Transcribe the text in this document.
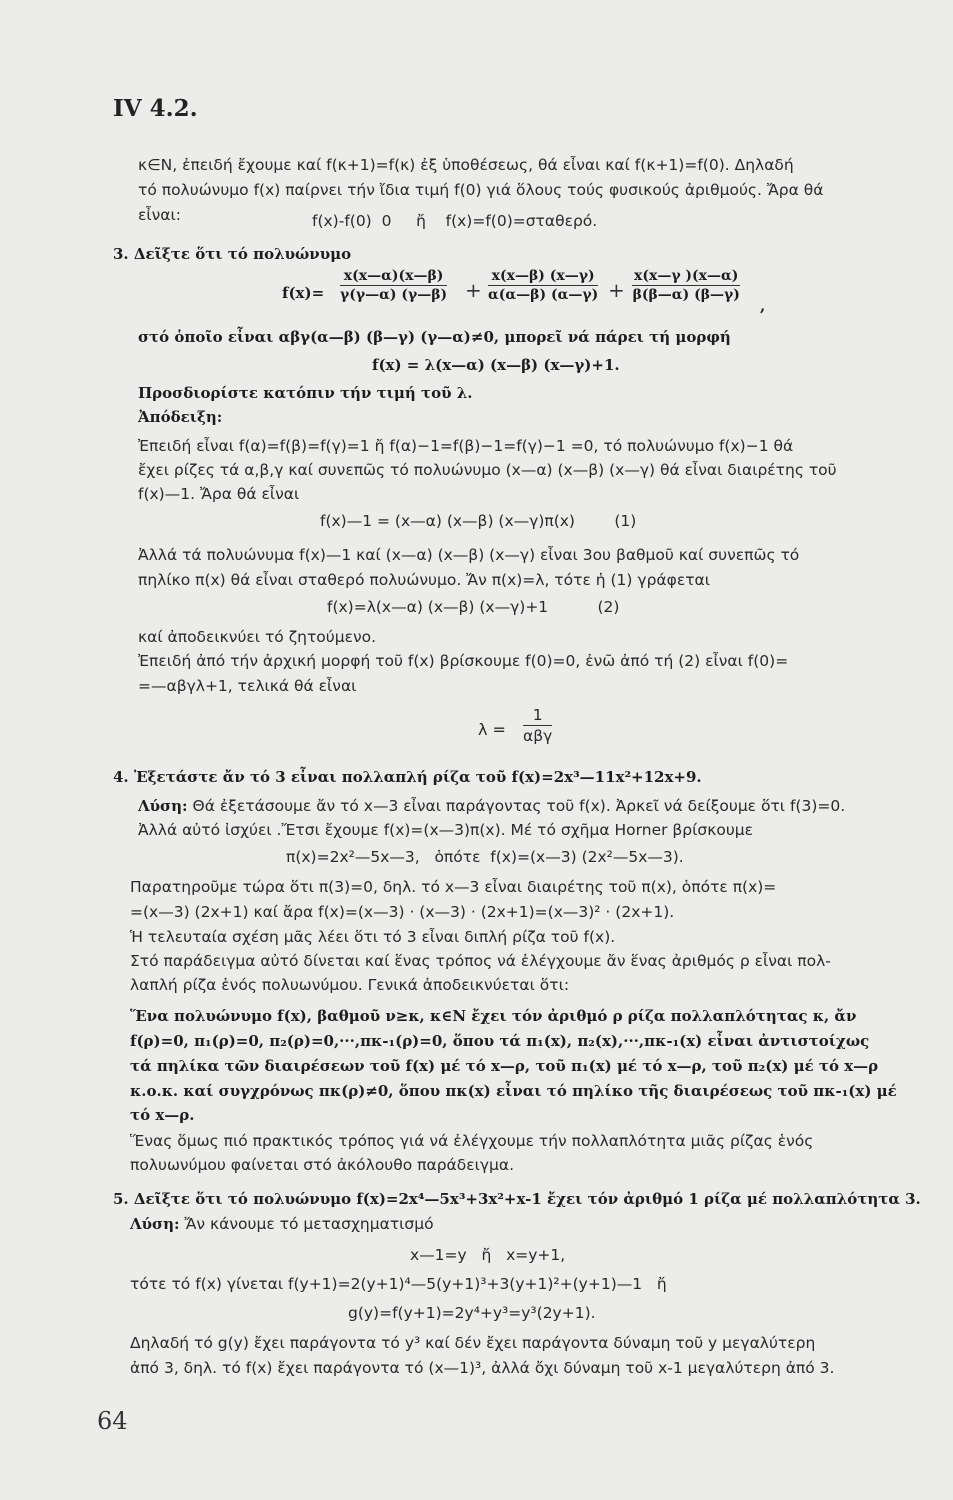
IV 4.2.
κ∈N, ἐπειδή ἔχουμε καί f(κ+1)=f(κ) ἐξ ὑποθέσεως, θά εἶναι καί f(κ+1)=f(0). Δηλαδή
τό πολυώνυμο f(x) παίρνει τήν ἴδια τιμή f(0) γιά ὅλους τούς φυσικούς ἀριθμούς. Ἄρα θά
εἶναι:	f(x)-f(0)  0     ἤ    f(x)=f(0)=σταθερό.
3. Δεῖξτε ὅτι τό πολυώνυμο
$f(x)= \frac{x(x—\alpha)(x—\beta)}{\gamma(\gamma—\alpha) (\gamma—\beta)} + \frac{x(x—\beta) (x—\gamma)}{\alpha(\alpha—\beta) (\alpha—\gamma)} + \frac{x(x—\gamma )(x—\alpha)}{\beta(\beta—\alpha) (\beta—\gamma)}$
,
στό ὁποῖο εἶναι αβγ(α—β) (β—γ) (γ—α)≠0, μπορεῖ νά πάρει τή μορφή
f(x) = λ(x—α) (x—β) (x—γ)+1.
Προσδιορίστε κατόπιν τήν τιμή τοῦ λ.
Ἀπόδειξη:
Ἐπειδή εἶναι f(α)=f(β)=f(γ)=1 ἤ f(α)−1=f(β)−1=f(γ)−1 =0, τό πολυώνυμο f(x)−1 θά
ἔχει ρίζες τά α,β,γ καί συνεπῶς τό πολυώνυμο (x—α) (x—β) (x—γ) θά εἶναι διαιρέτης τοῦ
f(x)—1. Ἄρα θά εἶναι
f(x)—1 = (x—α) (x—β) (x—γ)π(x)        (1)
Ἀλλά τά πολυώνυμα f(x)—1 καί (x—α) (x—β) (x—γ) εἶναι 3ου βαθμοῦ καί συνεπῶς τό
πηλίκο π(x) θά εἶναι σταθερό πολυώνυμο. Ἄν π(x)=λ, τότε ἡ (1) γράφεται
f(x)=λ(x—α) (x—β) (x—γ)+1          (2)
καί ἀποδεικνύει τό ζητούμενο.
Ἐπειδή ἀπό τήν ἀρχική μορφή τοῦ f(x) βρίσκουμε f(0)=0, ἐνῶ ἀπό τή (2) εἶναι f(0)=
=—αβγλ+1, τελικά θά εἶναι
λ =
1
αβγ
4. Ἐξετάστε ἄν τό 3 εἶναι πολλαπλή ρίζα τοῦ f(x)=2x³—11x²+12x+9.
Λύση: Θά ἐξετάσουμε ἄν τό x—3 εἶναι παράγοντας τοῦ f(x). Ἀρκεῖ νά δείξουμε ὅτι f(3)=0.
Ἀλλά αὐτό ἰσχύει .Ἔτσι ἔχουμε f(x)=(x—3)π(x). Μέ τό σχῆμα Horner βρίσκουμε
π(x)=2x²—5x—3,   ὁπότε  f(x)=(x—3) (2x²—5x—3).
Παρατηροῦμε τώρα ὅτι π(3)=0, δηλ. τό x—3 εἶναι διαιρέτης τοῦ π(x), ὁπότε π(x)=
=(x—3) (2x+1) καί ἄρα f(x)=(x—3) · (x—3) · (2x+1)=(x—3)² · (2x+1).
Ἡ τελευταία σχέση μᾶς λέει ὅτι τό 3 εἶναι διπλή ρίζα τοῦ f(x).
Στό παράδειγμα αὐτό δίνεται καί ἕνας τρόπος νά ἐλέγχουμε ἄν ἕνας ἀριθμός ρ εἶναι πολ-
λαπλή ρίζα ἑνός πολυωνύμου. Γενικά ἀποδεικνύεται ὅτι:
Ἕνα πολυώνυμο f(x), βαθμοῦ ν≥κ, κ∈N ἔχει τόν ἀριθμό ρ ρίζα πολλαπλότητας κ, ἄν
f(ρ)=0, π₁(ρ)=0, π₂(ρ)=0,···,πκ-₁(ρ)=0, ὅπου τά π₁(x), π₂(x),···,πκ-₁(x) εἶναι ἀντιστοίχως
τά πηλίκα τῶν διαιρέσεων τοῦ f(x) μέ τό x—ρ, τοῦ π₁(x) μέ τό x—ρ, τοῦ π₂(x) μέ τό x—ρ
κ.ο.κ. καί συγχρόνως πκ(ρ)≠0, ὅπου πκ(x) εἶναι τό πηλίκο τῆς διαιρέσεως τοῦ πκ-₁(x) μέ
τό x—ρ.
Ἕνας ὅμως πιό πρακτικός τρόπος γιά νά ἐλέγχουμε τήν πολλαπλότητα μιᾶς ρίζας ἑνός
πολυωνύμου φαίνεται στό ἀκόλουθο παράδειγμα.
5. Δεῖξτε ὅτι τό πολυώνυμο f(x)=2x⁴—5x³+3x²+x-1 ἔχει τόν ἀριθμό 1 ρίζα μέ πολλαπλότητα 3.
Λύση: Ἄν κάνουμε τό μετασχηματισμό
x—1=y   ἤ   x=y+1,
τότε τό f(x) γίνεται f(y+1)=2(y+1)⁴—5(y+1)³+3(y+1)²+(y+1)—1   ἤ
g(y)=f(y+1)=2y⁴+y³=y³(2y+1).
Δηλαδή τό g(y) ἔχει παράγοντα τό y³ καί δέν ἔχει παράγοντα δύναμη τοῦ y μεγαλύτερη
ἀπό 3, δηλ. τό f(x) ἔχει παράγοντα τό (x—1)³, ἀλλά ὄχι δύναμη τοῦ x-1 μεγαλύτερη ἀπό 3.
64
